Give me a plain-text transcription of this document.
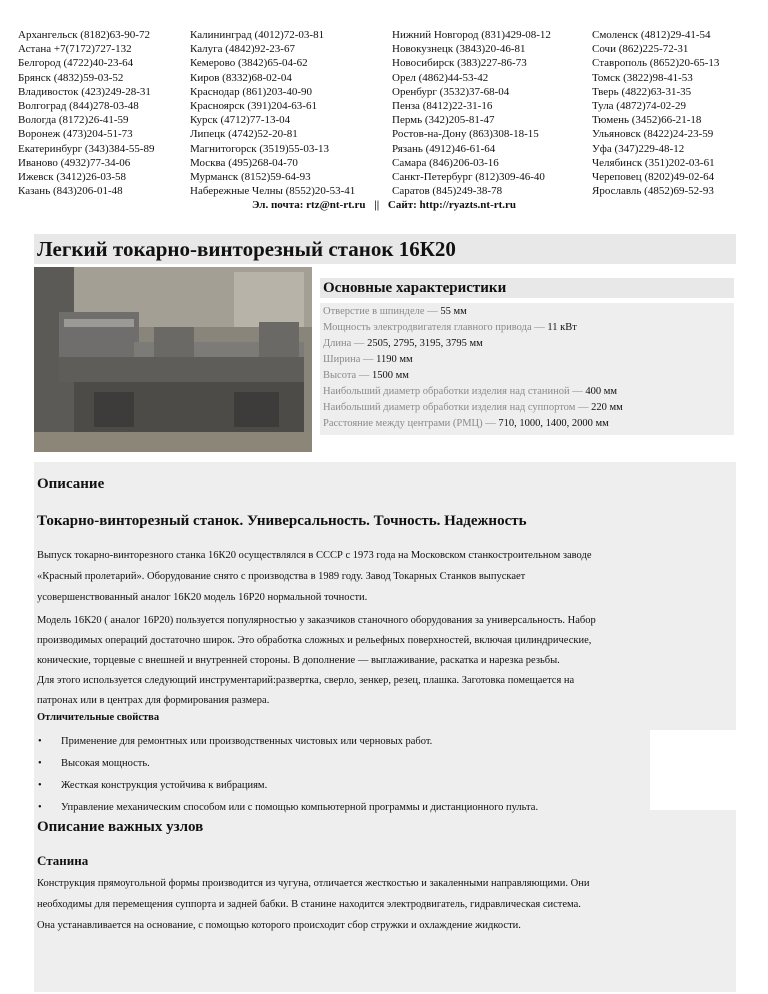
Архангельск (8182)63-90-72
Астана +7(7172)727-132
Белгород (4722)40-23-64
Брянск (4832)59-03-52
Владивосток (423)249-28-31
Волгоград (844)278-03-48
Вологда (8172)26-41-59
Воронеж (473)204-51-73
Екатеринбург (343)384-55-89
Иваново (4932)77-34-06
Ижевск (3412)26-03-58
Казань (843)206-01-48
Калининград (4012)72-03-81
Калуга (4842)92-23-67
Кемерово (3842)65-04-62
Киров (8332)68-02-04
Краснодар (861)203-40-90
Красноярск (391)204-63-61
Курск (4712)77-13-04
Липецк (4742)52-20-81
Магнитогорск (3519)55-03-13
Москва (495)268-04-70
Мурманск (8152)59-64-93
Набережные Челны (8552)20-53-41
Нижний Новгород (831)429-08-12
Новокузнецк (3843)20-46-81
Новосибирск (383)227-86-73
Орел (4862)44-53-42
Оренбург (3532)37-68-04
Пенза (8412)22-31-16
Пермь (342)205-81-47
Ростов-на-Дону (863)308-18-15
Рязань (4912)46-61-64
Самара (846)206-03-16
Санкт-Петербург (812)309-46-40
Саратов (845)249-38-78
Смоленск (4812)29-41-54
Сочи (862)225-72-31
Ставрополь (8652)20-65-13
Томск (3822)98-41-53
Тверь (4822)63-31-35
Тула (4872)74-02-29
Тюмень (3452)66-21-18
Ульяновск (8422)24-23-59
Уфа (347)229-48-12
Челябинск (351)202-03-61
Череповец (8202)49-02-64
Ярославль (4852)69-52-93
Эл. почта: rtz@nt-rt.ru || Сайт: http://ryazts.nt-rt.ru
Легкий токарно-винторезный станок 16К20
Основные характеристики
Отверстие в шпинделе — 55 мм
Мощность электродвигателя главного привода — 11 кВт
Длина — 2505, 2795, 3195, 3795 мм
Ширина — 1190 мм
Высота — 1500 мм
Наибольший диаметр обработки изделия над станиной — 400 мм
Наибольший диаметр обработки изделия над суппортом — 220 мм
Расстояние между центрами (РМЦ) — 710, 1000, 1400, 2000 мм
Описание
Токарно-винторезный станок. Универсальность. Точность. Надежность
Выпуск токарно-винторезного станка 16К20 осуществлялся в СССР с 1973 года на Московском станкостроительном заводе
«Красный пролетарий». Оборудование снято с производства в 1989 году. Завод Токарных Станков выпускает
усовершенствованный аналог 16К20 модель 16Р20 нормальной точности.
Модель 16К20 ( аналог 16Р20) пользуется популярностью у заказчиков станочного оборудования за универсальность. Набор
производимых операций достаточно широк. Это обработка сложных и рельефных поверхностей, включая цилиндрические,
конические, торцевые с внешней и внутренней стороны. В дополнение — выглаживание, раскатка и нарезка резьбы.
Для этого используется следующий инструментарий:развертка, сверло, зенкер, резец, плашка. Заготовка помещается на
патронах или в центрах для формирования размера.
Отличительные свойства
• Применение для ремонтных или производственных чистовых или черновых работ.
• Высокая мощность.
• Жесткая конструкция устойчива к вибрациям.
• Управление механическим способом или с помощью компьютерной программы и дистанционного пульта.
Описание важных узлов
Станина
Конструкция прямоугольной формы производится из чугуна, отличается жесткостью и закаленными направляющими. Они
необходимы для перемещения суппорта и задней бабки. В станине находится электродвигатель, гидравлическая система.
Она устанавливается на основание, с помощью которого происходит сбор стружки и охлаждение жидкости.
